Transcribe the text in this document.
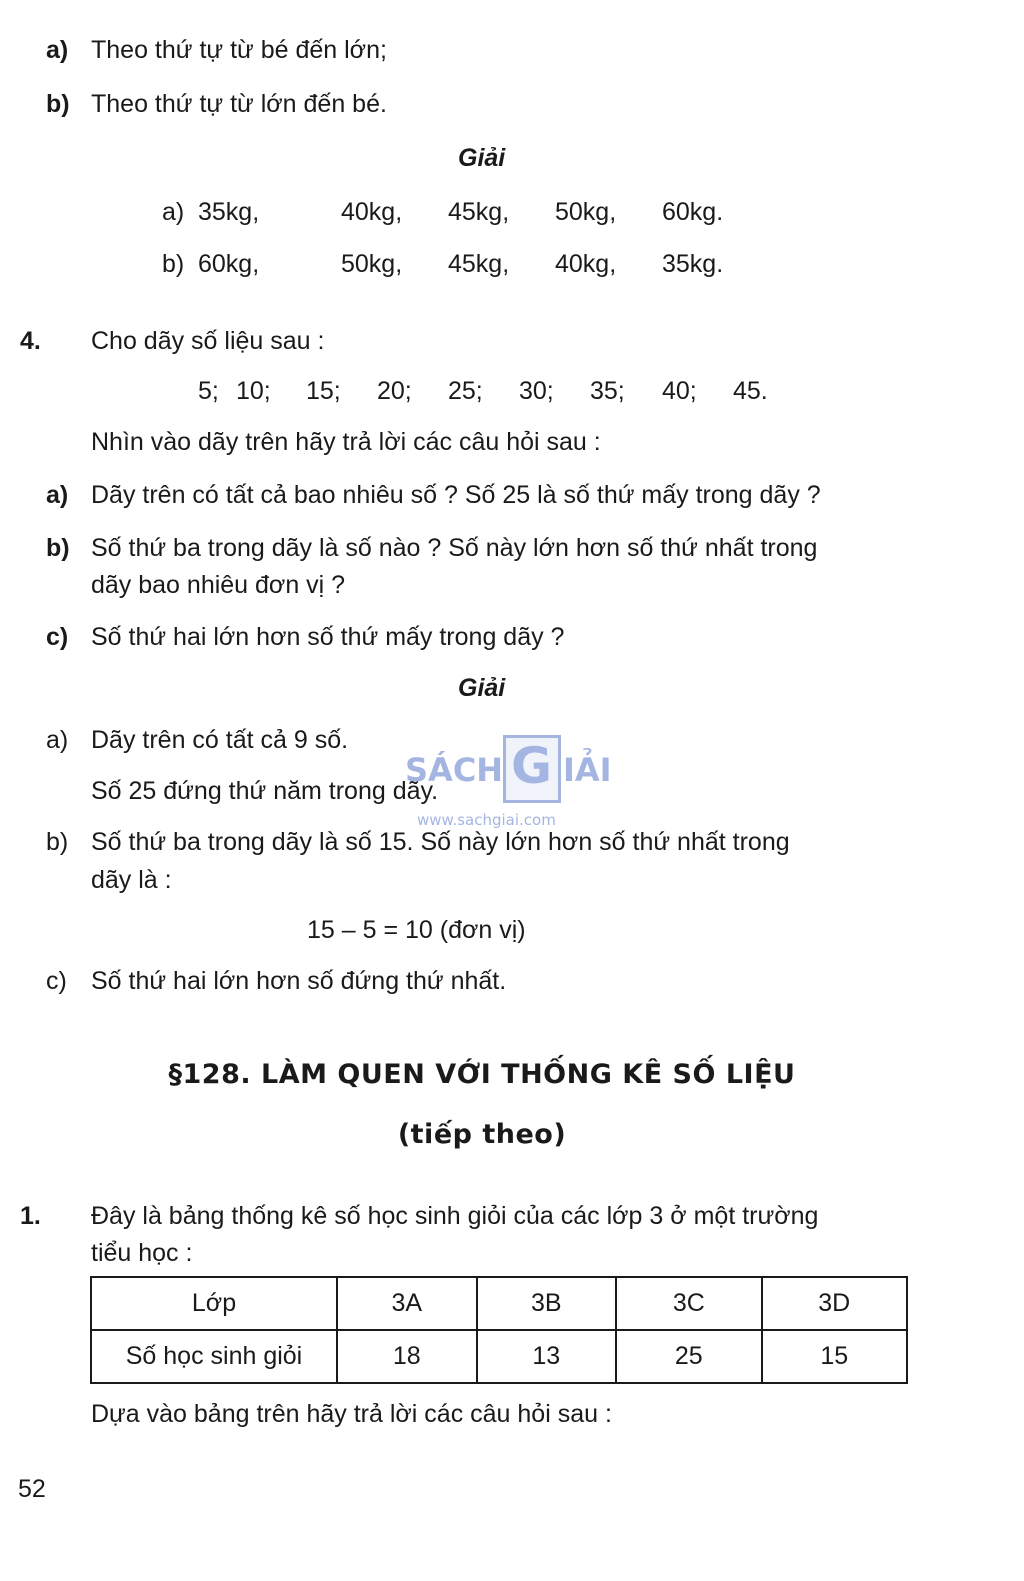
a) Theo thứ tự từ bé đến lớn;
b) Theo thứ tự từ lớn đến bé.
Giải
a) 35kg,	40kg, 45kg, 50kg, 60kg.
b) 60kg,	50kg, 45kg, 40kg, 35kg.
4. Cho dãy số liệu sau :
5; 10; 15; 20; 25; 30; 35; 40; 45.
Nhìn vào dãy trên hãy trả lời các câu hỏi sau :
a) Dãy trên có tất cả bao nhiêu số ? Số 25 là số thứ mấy trong dãy ?
b) Số thứ ba trong dãy là số nào ? Số này lớn hơn số thứ nhất trong
dãy bao nhiêu đơn vị ?
c) Số thứ hai lớn hơn số thứ mấy trong dãy ?
Giải
a) Dãy trên có tất cả 9 số.
Số 25 đứng thứ năm trong dãy.
b) Số thứ ba trong dãy là số 15. Số này lớn hơn số thứ nhất trong
dãy là :
15 – 5 = 10 (đơn vị)
c) Số thứ hai lớn hơn số đứng thứ nhất.
SÁCH G IẢI
www.sachgiai.com
§128. LÀM QUEN VỚI THỐNG KÊ SỐ LIỆU
(tiếp theo)
1. Đây là bảng thống kê số học sinh giỏi của các lớp 3 ở một trường
tiểu học :
Lớp	3A	3B	3C	3D
Số học sinh giỏi	18	13	25	15
Dựa vào bảng trên hãy trả lời các câu hỏi sau :
52
